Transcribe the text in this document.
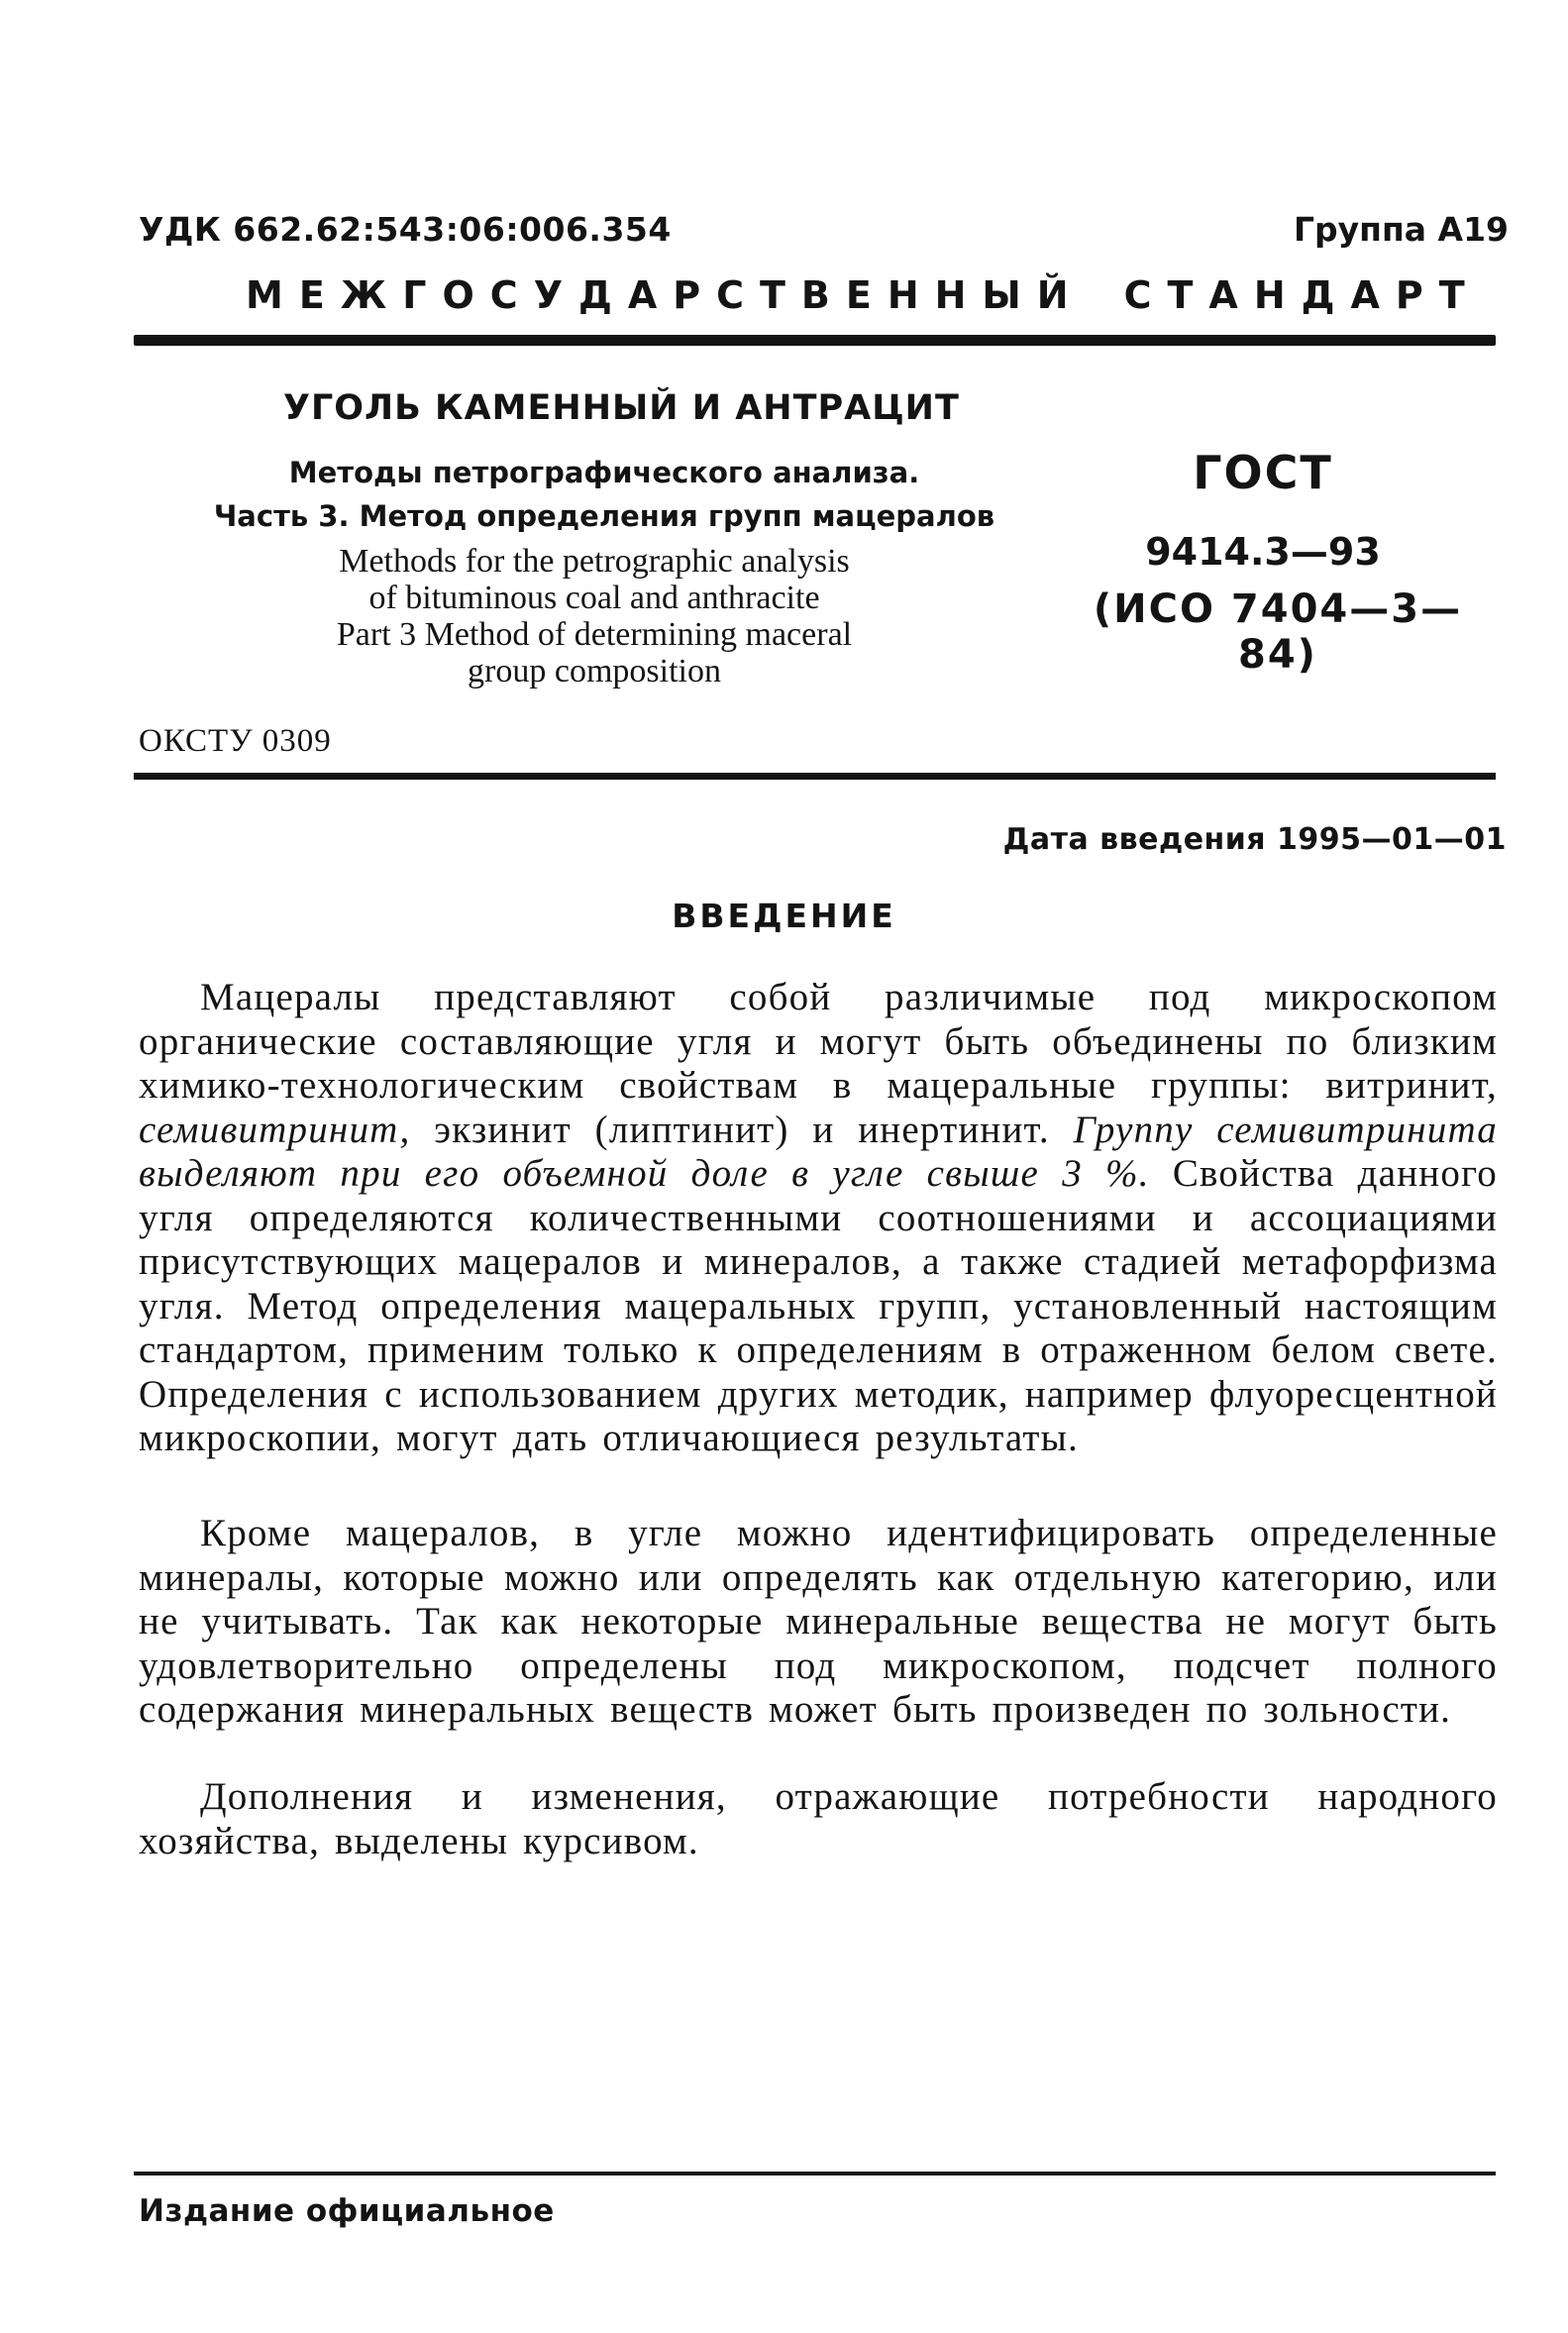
УДК 662.62:543:06:006.354	Группа А19
МЕЖГОСУДАРСТВЕННЫЙ СТАНДАРТ
УГОЛЬ КАМЕННЫЙ И АНТРАЦИТ
Методы петрографического анализа.
Часть 3. Метод определения групп мацералов
Methods for the petrographic analysis
of bituminous coal and anthracite
Part 3 Method of determining maceral
group composition
ГОСТ
9414.3—93
(ИСО 7404—3—84)
ОКСТУ 0309
Дата введения 1995—01—01
ВВЕДЕНИЕ

Мацералы представляют собой различимые под микроскопом органические составляющие угля и могут быть объединены по близким химико-технологическим свойствам в мацеральные группы: витринит, семивитринит, экзинит (липтинит) и инертинит. Группу семивитринита выделяют при его объемной доле в угле свыше 3 %. Свойства данного угля определяются количественными соотношениями и ассоциациями присутствующих мацералов и минералов, а также стадией метафорфизма угля. Метод определения мацеральных групп, установленный настоящим стандартом, применим только к определениям в отраженном белом свете. Определения с использованием других методик, например флуоресцентной микроскопии, могут дать отличающиеся результаты.

Кроме мацералов, в угле можно идентифицировать определенные минералы, которые можно или определять как отдельную категорию, или не учитывать. Так как некоторые минеральные вещества не могут быть удовлетворительно определены под микроскопом, подсчет полного содержания минеральных веществ может быть произведен по зольности.

Дополнения и изменения, отражающие потребности народного хозяйства, выделены курсивом.

Издание официальное
